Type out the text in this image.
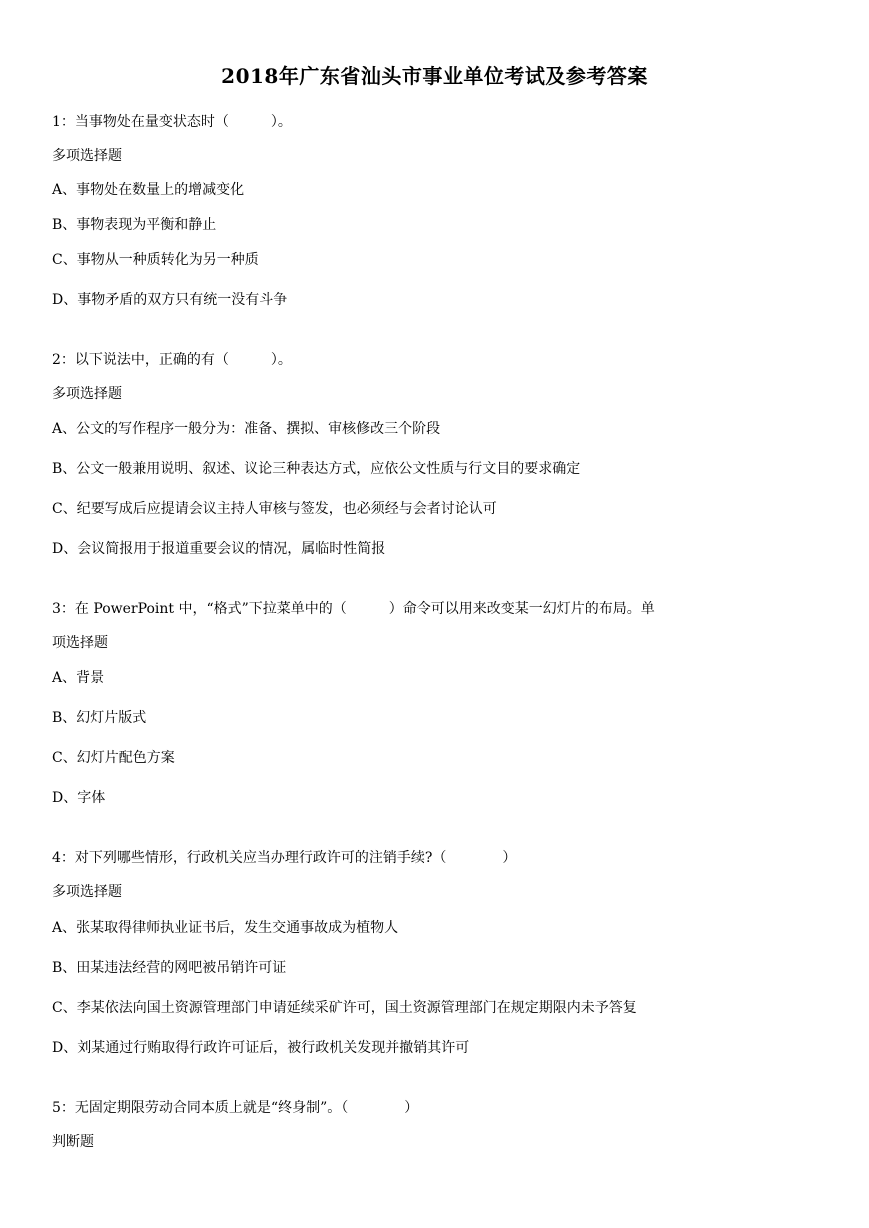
2018年广东省汕头市事业单位考试及参考答案
1：当事物处在量变状态时（　　　）。
多项选择题
A、事物处在数量上的增减变化
B、事物表现为平衡和静止
C、事物从一种质转化为另一种质
D、事物矛盾的双方只有统一没有斗争
2：以下说法中，正确的有（　　　）。
多项选择题
A、公文的写作程序一般分为：准备、撰拟、审核修改三个阶段
B、公文一般兼用说明、叙述、议论三种表达方式，应依公文性质与行文目的要求确定
C、纪要写成后应提请会议主持人审核与签发，也必须经与会者讨论认可
D、会议简报用于报道重要会议的情况，属临时性简报
3：在 PowerPoint 中，“格式”下拉菜单中的（　　　）命令可以用来改变某一幻灯片的布局。单
项选择题
A、背景
B、幻灯片版式
C、幻灯片配色方案
D、字体
4：对下列哪些情形，行政机关应当办理行政许可的注销手续?（　　　　）
多项选择题
A、张某取得律师执业证书后，发生交通事故成为植物人
B、田某违法经营的网吧被吊销许可证
C、李某依法向国土资源管理部门申请延续采矿许可，国土资源管理部门在规定期限内未予答复
D、刘某通过行贿取得行政许可证后，被行政机关发现并撤销其许可
5：无固定期限劳动合同本质上就是“终身制”。（　　　　）
判断题
